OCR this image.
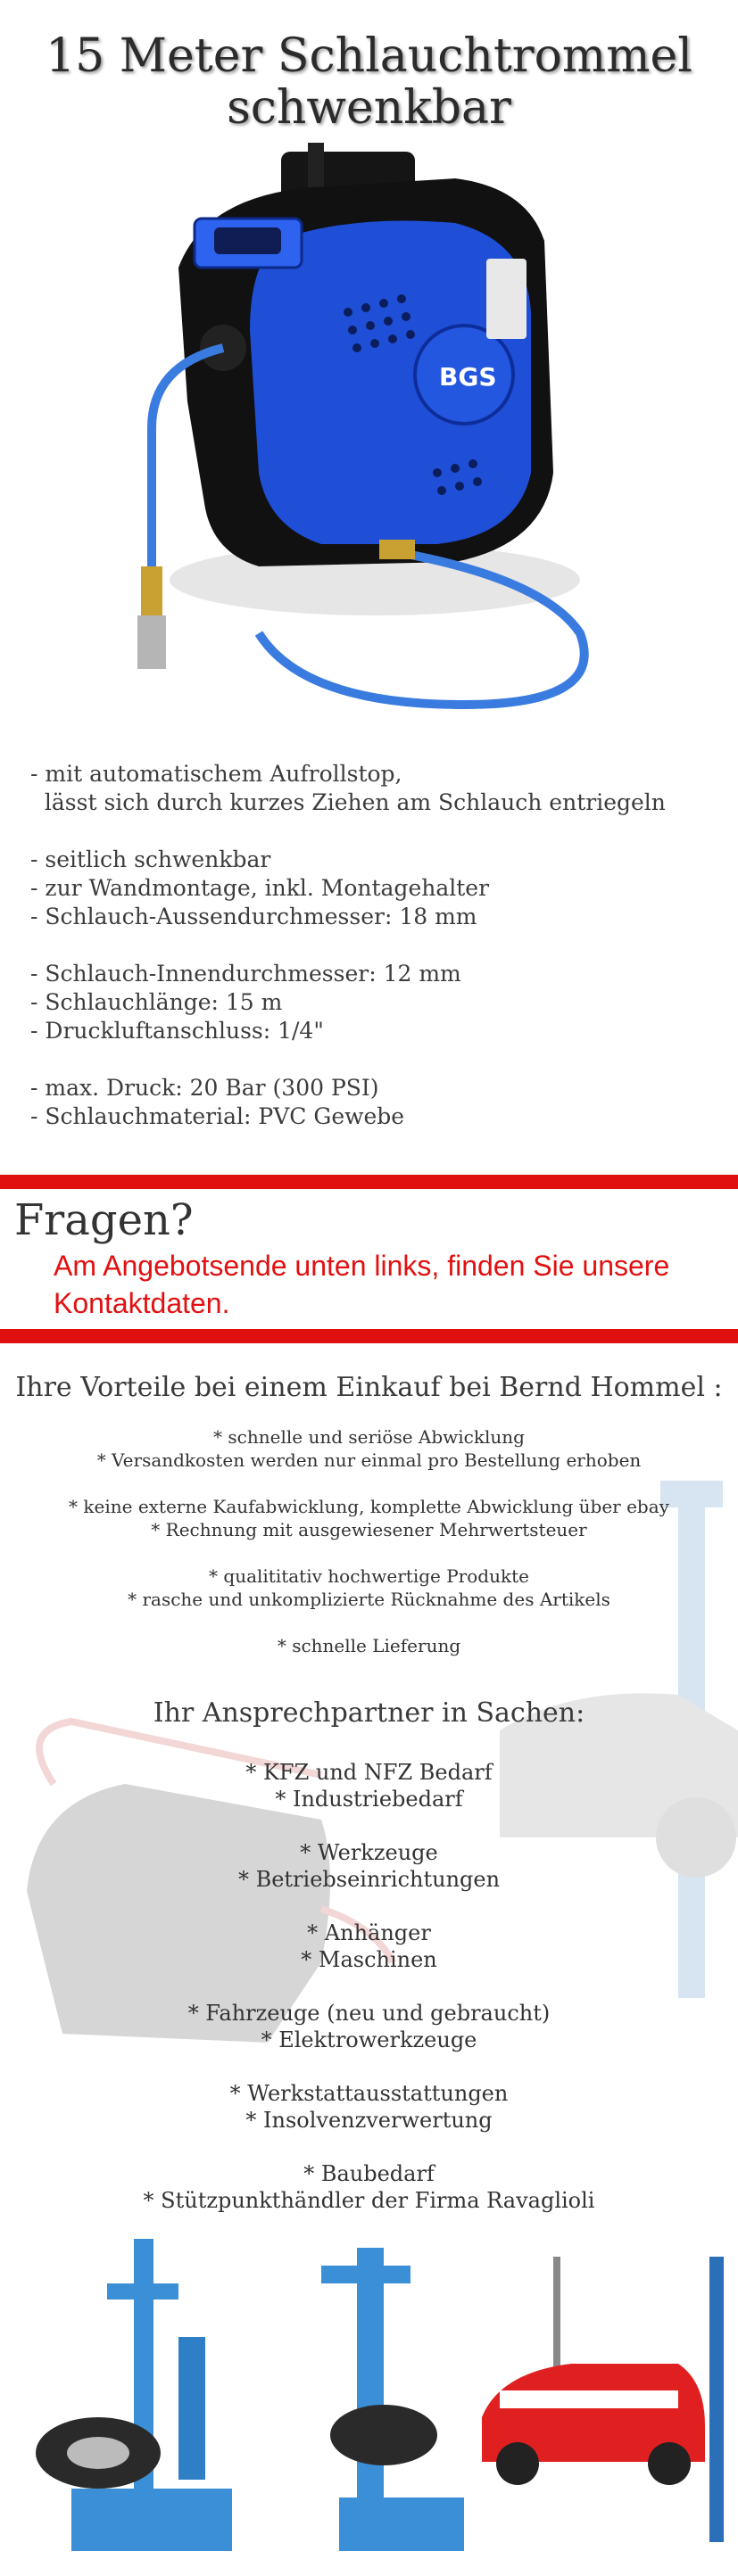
15 Meter Schlauchtrommel
schwenkbar
BGS
- mit automatischem Aufrollstop,
lässt sich durch kurzes Ziehen am Schlauch entriegeln
- seitlich schwenkbar
- zur Wandmontage, inkl. Montagehalter
- Schlauch-Aussendurchmesser: 18 mm
- Schlauch-Innendurchmesser: 12 mm
- Schlauchlänge: 15 m
- Druckluftanschluss: 1/4"
- max. Druck: 20 Bar (300 PSI)
- Schlauchmaterial: PVC Gewebe
Fragen?
Am Angebotsende unten links, finden Sie unsere Kontaktdaten.
Ihre Vorteile bei einem Einkauf bei Bernd Hommel :
* schnelle und seriöse Abwicklung
* Versandkosten werden nur einmal pro Bestellung erhoben
* keine externe Kaufabwicklung, komplette Abwicklung über ebay
* Rechnung mit ausgewiesener Mehrwertsteuer
* qualititativ hochwertige Produkte
* rasche und unkomplizierte Rücknahme des Artikels
* schnelle Lieferung
Ihr Ansprechpartner in Sachen:
* KFZ und NFZ Bedarf
* Industriebedarf
* Werkzeuge
* Betriebseinrichtungen
* Anhänger
* Maschinen
* Fahrzeuge (neu und gebraucht)
* Elektrowerkzeuge
* Werkstattausstattungen
* Insolvenzverwertung
* Baubedarf
* Stützpunkthändler der Firma Ravaglioli
